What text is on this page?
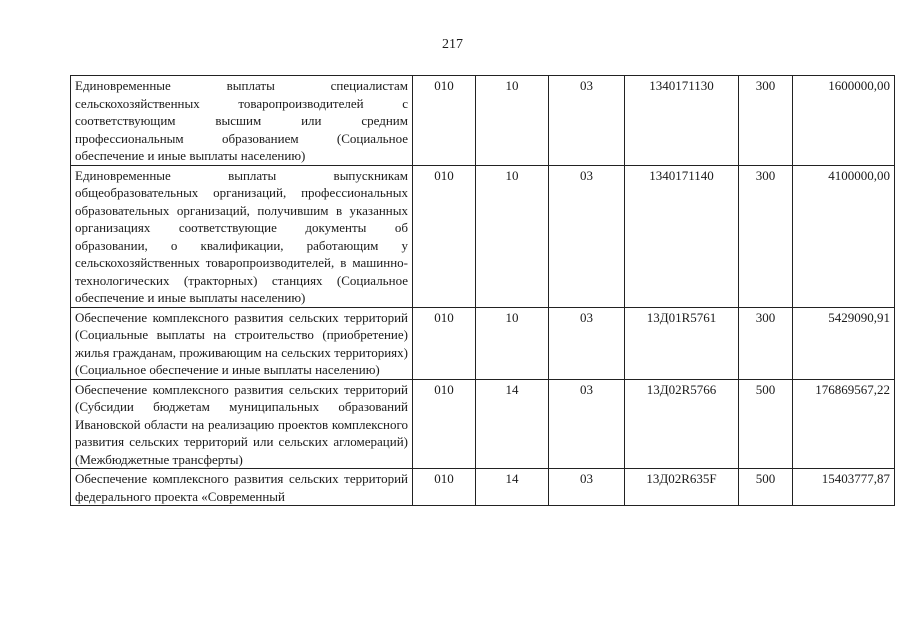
217
Единовременные выплаты специалистам сельскохозяйственных товаропроизводителей с соответствующим высшим или средним профессиональным образованием (Социальное обеспечение и иные выплаты населению)	010	10	03	1340171130	300	1600000,00
Единовременные выплаты выпускникам общеобразовательных организаций, профессиональных образовательных организаций, получившим в указанных организациях соответствующие документы об образовании, о квалификации, работающим у сельскохозяйственных товаропроизводителей, в машинно-технологических (тракторных) станциях (Социальное обеспечение и иные выплаты населению)	010	10	03	1340171140	300	4100000,00
Обеспечение комплексного развития сельских территорий (Социальные выплаты на строительство (приобретение) жилья гражданам, проживающим на сельских территориях) (Социальное обеспечение и иные выплаты населению)	010	10	03	13Д01R5761	300	5429090,91
Обеспечение комплексного развития сельских территорий (Субсидии бюджетам муниципальных образований Ивановской области на реализацию проектов комплексного развития сельских территорий или сельских агломераций) (Межбюджетные трансферты)	010	14	03	13Д02R5766	500	176869567,22
Обеспечение комплексного развития сельских территорий федерального проекта «Современный	010	14	03	13Д02R635F	500	15403777,87
